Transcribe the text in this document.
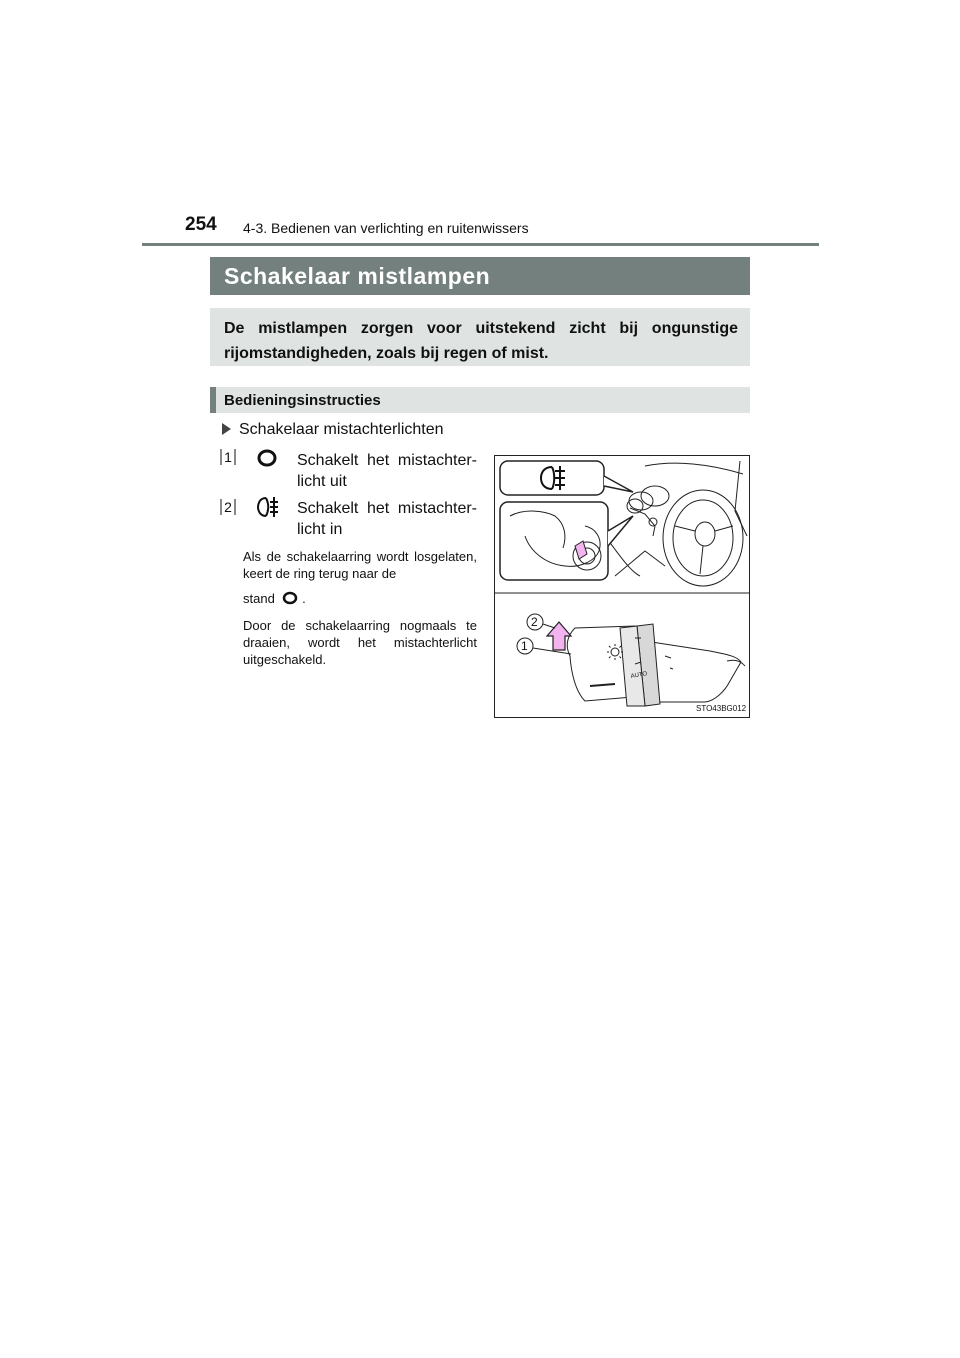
254 4-3. Bedienen van verlichting en ruitenwissers
Schakelaar mistlampen

De mistlampen zorgen voor uitstekend zicht bij ongunstige rijomstandigheden, zoals bij regen of mist.

Bedieningsinstructies
Schakelaar mistachterlichten
1	Schakelt het mistachterlicht uit
2	Schakelt het mistachterlicht in
Als de schakelaarring wordt losgelaten, keert de ring terug naar de
stand .
Door de schakelaarring nogmaals te draaien, wordt het mistachterlicht uitgeschakeld.
2
1
AUTO
STO43BG012
